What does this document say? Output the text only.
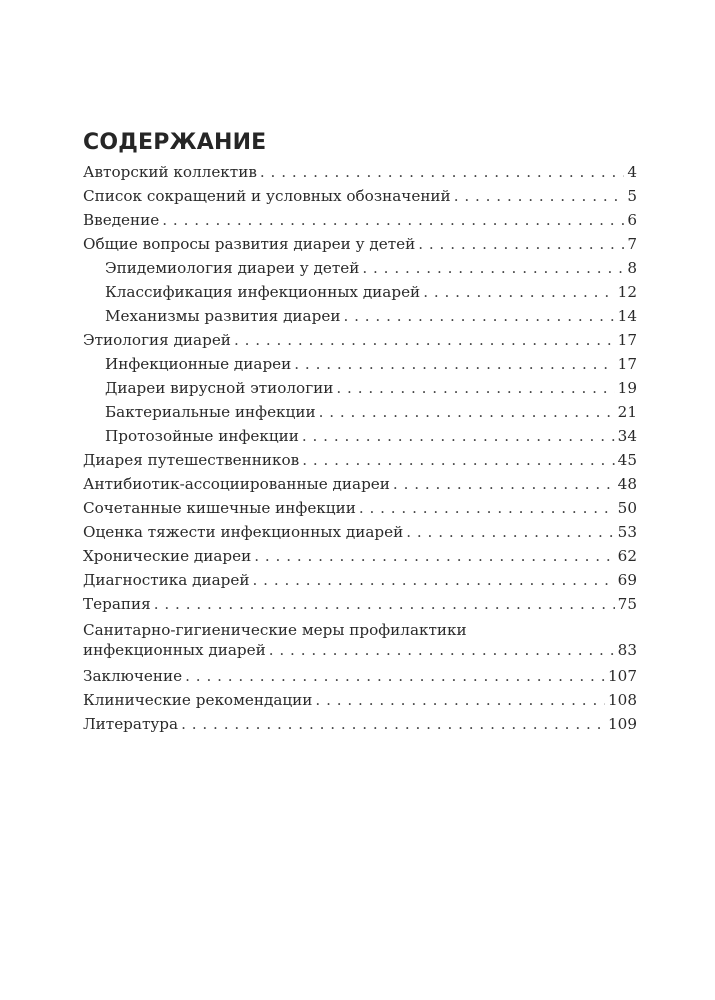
СОДЕРЖАНИЕ
Авторский коллектив . . .	4
Список сокращений и условных обозначений . . .	5
Введение . . .	6
Общие вопросы развития диареи у детей . . .	7
Эпидемиология диареи у детей . . .	8
Классификация инфекционных диарей . . .	12
Механизмы развития диареи . . .	14
Этиология диарей . . .	17
Инфекционные диареи . . .	17
Диареи вирусной этиологии . . .	19
Бактериальные инфекции . . .	21
Протозойные инфекции . . .	34
Диарея путешественников . . .	45
Антибиотик-ассоциированные диареи . . .	48
Сочетанные кишечные инфекции . . .	50
Оценка тяжести инфекционных диарей . . .	53
Хронические диареи . . .	62
Диагностика диарей . . .	69
Терапия . . .	75
Санитарно-гигиенические меры профилактики
инфекционных диарей . . .	83
Заключение . . .	107
Клинические рекомендации . . .	108
Литература . . .	109
